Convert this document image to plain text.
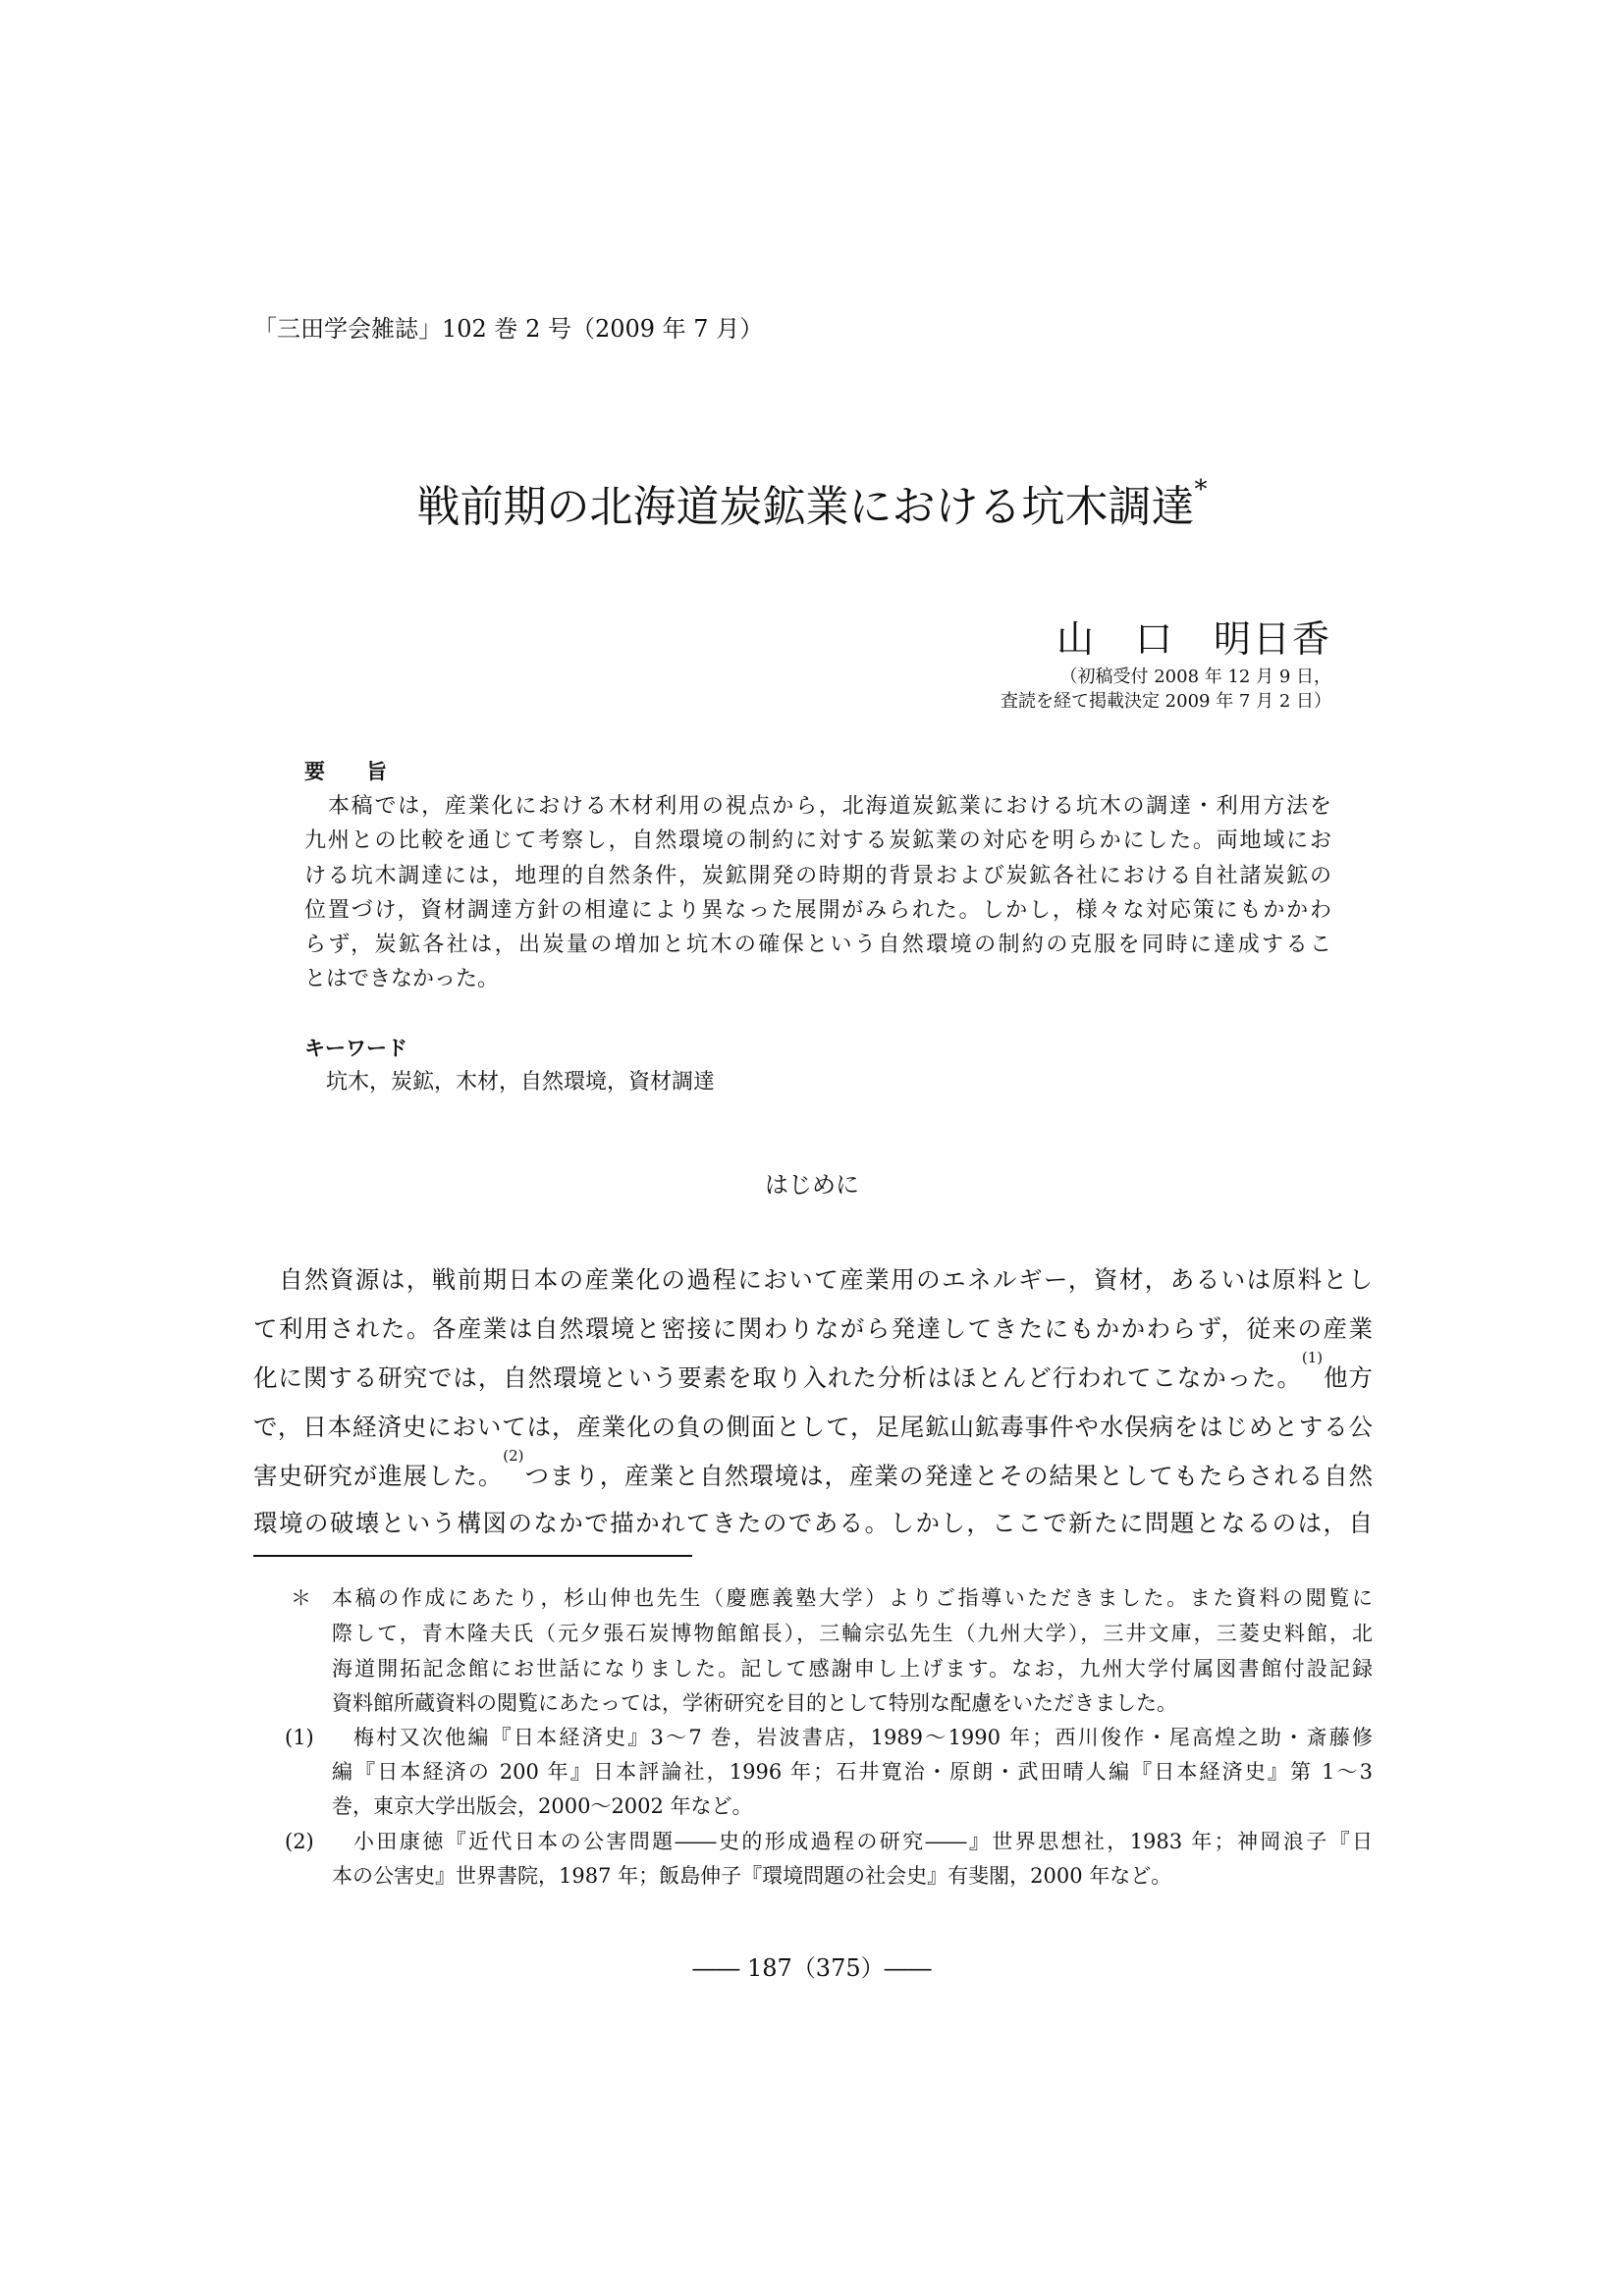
「三田学会雑誌」102 巻 2 号（2009 年 7 月）
戦前期の北海道炭鉱業における坑木調達*
山　口　明日香
（初稿受付 2008 年 12 月 9 日，
査読を経て掲載決定 2009 年 7 月 2 日）
要　　旨
　本稿では，産業化における木材利用の視点から，北海道炭鉱業における坑木の調達・利用方法を
九州との比較を通じて考察し，自然環境の制約に対する炭鉱業の対応を明らかにした。両地域にお
ける坑木調達には，地理的自然条件，炭鉱開発の時期的背景および炭鉱各社における自社諸炭鉱の
位置づけ，資材調達方針の相違により異なった展開がみられた。しかし，様々な対応策にもかかわ
らず，炭鉱各社は，出炭量の増加と坑木の確保という自然環境の制約の克服を同時に達成するこ
とはできなかった。
キーワード
　坑木，炭鉱，木材，自然環境，資材調達
はじめに
　自然資源は，戦前期日本の産業化の過程において産業用のエネルギー，資材，あるいは原料とし
て利用された。各産業は自然環境と密接に関わりながら発達してきたにもかかわらず，従来の産業
化に関する研究では，自然環境という要素を取り入れた分析はほとんど行われてこなかった。$^{(1)}$他方
で，日本経済史においては，産業化の負の側面として，足尾鉱山鉱毒事件や水俣病をはじめとする公
害史研究が進展した。$^{(2)}$つまり，産業と自然環境は，産業の発達とその結果としてもたらされる自然
環境の破壊という構図のなかで描かれてきたのである。しかし，ここで新たに問題となるのは，自
＊ 本稿の作成にあたり，杉山伸也先生（慶應義塾大学）よりご指導いただきました。また資料の閲覧に
際して，青木隆夫氏（元夕張石炭博物館館長），三輪宗弘先生（九州大学），三井文庫，三菱史料館，北
海道開拓記念館にお世話になりました。記して感謝申し上げます。なお，九州大学付属図書館付設記録
資料館所蔵資料の閲覧にあたっては，学術研究を目的として特別な配慮をいただきました。
(1) 梅村又次他編『日本経済史』3〜7 巻，岩波書店，1989〜1990 年；西川俊作・尾高煌之助・斎藤修
編『日本経済の 200 年』日本評論社，1996 年；石井寛治・原朗・武田晴人編『日本経済史』第 1〜3
巻，東京大学出版会，2000〜2002 年など。
(2) 小田康徳『近代日本の公害問題――史的形成過程の研究――』世界思想社，1983 年；神岡浪子『日
本の公害史』世界書院，1987 年；飯島伸子『環境問題の社会史』有斐閣，2000 年など。
―― 187（375）――
